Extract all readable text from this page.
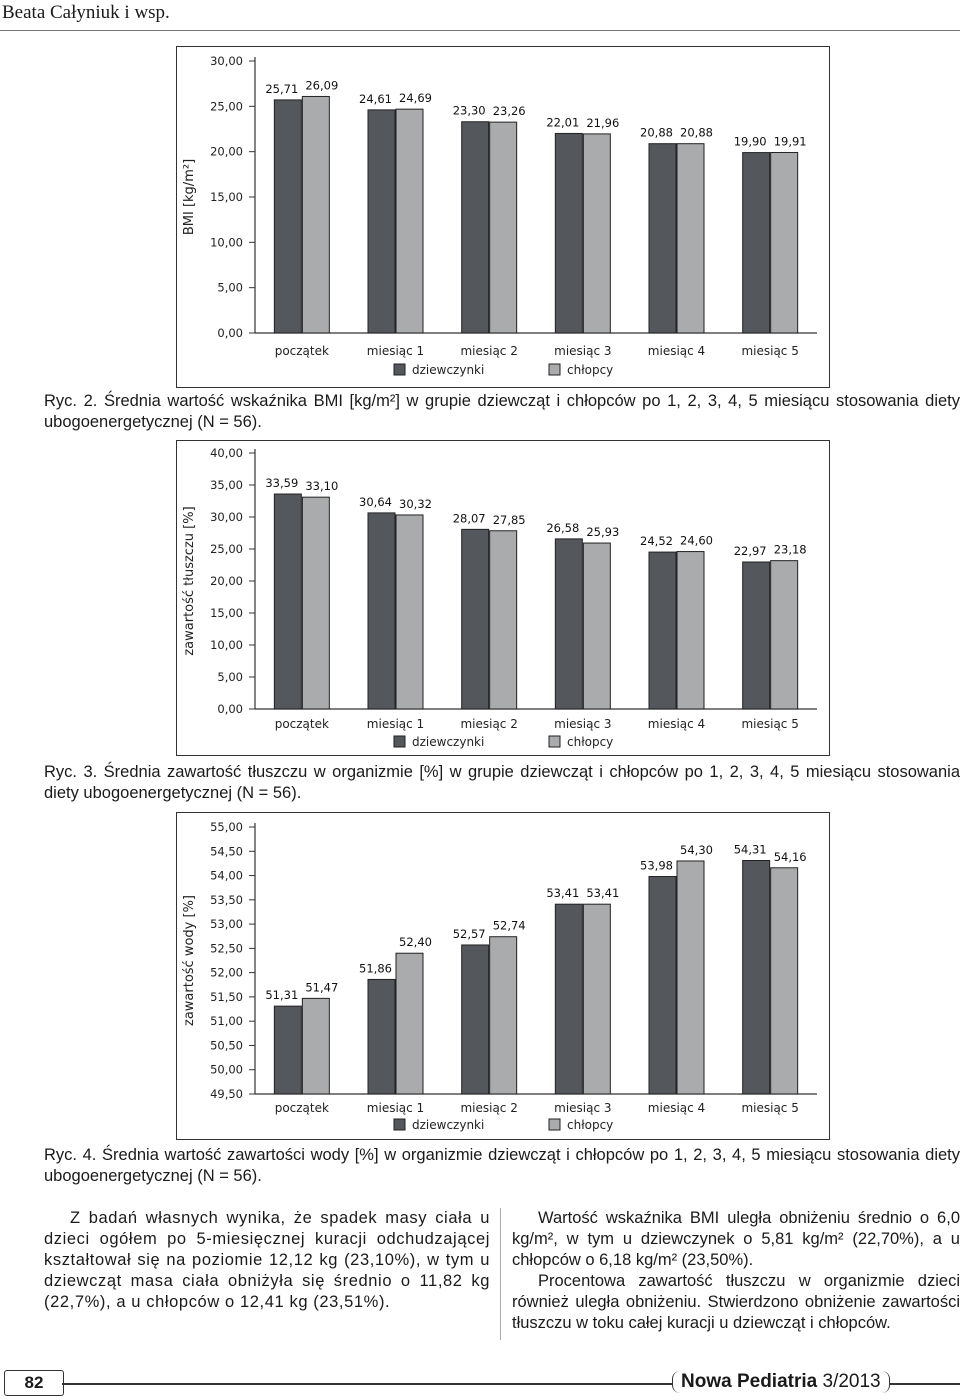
Beata Całyniuk i wsp.
BMI [kg/m²]
0,00
5,00
10,00
15,00
20,00
25,00
30,00
25,71 26,09
początek
24,61 24,69
miesiąc 1
23,30 23,26
miesiąc 2
22,01 21,96
miesiąc 3
20,88 20,88
miesiąc 4
19,90 19,91
miesiąc 5
dziewczynki	chłopcy
Ryc. 2. Średnia wartość wskaźnika BMI [kg/m²] w grupie dziewcząt i chłopców po 1, 2, 3, 4, 5 miesiącu stosowania diety ubogoenergetycznej (N = 56).
zawartość tłuszczu [%]
0,00
5,00
10,00
15,00
20,00
25,00
30,00
35,00
40,00
33,59 33,10
początek
30,64 30,32
miesiąc 1
28,07 27,85
miesiąc 2
26,58 25,93
miesiąc 3
24,52 24,60
miesiąc 4
22,97 23,18
miesiąc 5
dziewczynki	chłopcy
Ryc. 3. Średnia zawartość tłuszczu w organizmie [%] w grupie dziewcząt i chłopców po 1, 2, 3, 4, 5 miesiącu stosowania diety ubogoenergetycznej (N = 56).
zawartość wody [%]
49,50
50,00
50,50
51,00
51,50
52,00
52,50
53,00
53,50
54,00
54,50
55,00
51,31
51,47
początek
51,86
52,40
miesiąc 1
52,57
52,74
miesiąc 2
53,41 53,41
miesiąc 3
53,98
54,30
miesiąc 4
54,31
54,16
miesiąc 5
dziewczynki	chłopcy
Ryc. 4. Średnia wartość zawartości wody [%] w organizmie dziewcząt i chłopców po 1, 2, 3, 4, 5 miesiącu stosowania diety ubogoenergetycznej (N = 56).

Z badań własnych wynika, że spadek masy ciała u dzieci ogółem po 5-miesięcznej kuracji odchudzającej kształtował się na poziomie 12,12 kg (23,10%), w tym u dziewcząt masa ciała obniżyła się średnio o 11,82 kg (22,7%), a u chłopców o 12,41 kg (23,51%).

Wartość wskaźnika BMI uległa obniżeniu średnio o 6,0 kg/m², w tym u dziewczynek o 5,81 kg/m² (22,70%), a u chłopców o 6,18 kg/m² (23,50%).

Procentowa zawartość tłuszczu w organizmie dzieci również uległa obniżeniu. Stwierdzono obniżenie zawartości tłuszczu w toku całej kuracji u dziewcząt i chłopców.

82	Nowa Pediatria 3/2013
